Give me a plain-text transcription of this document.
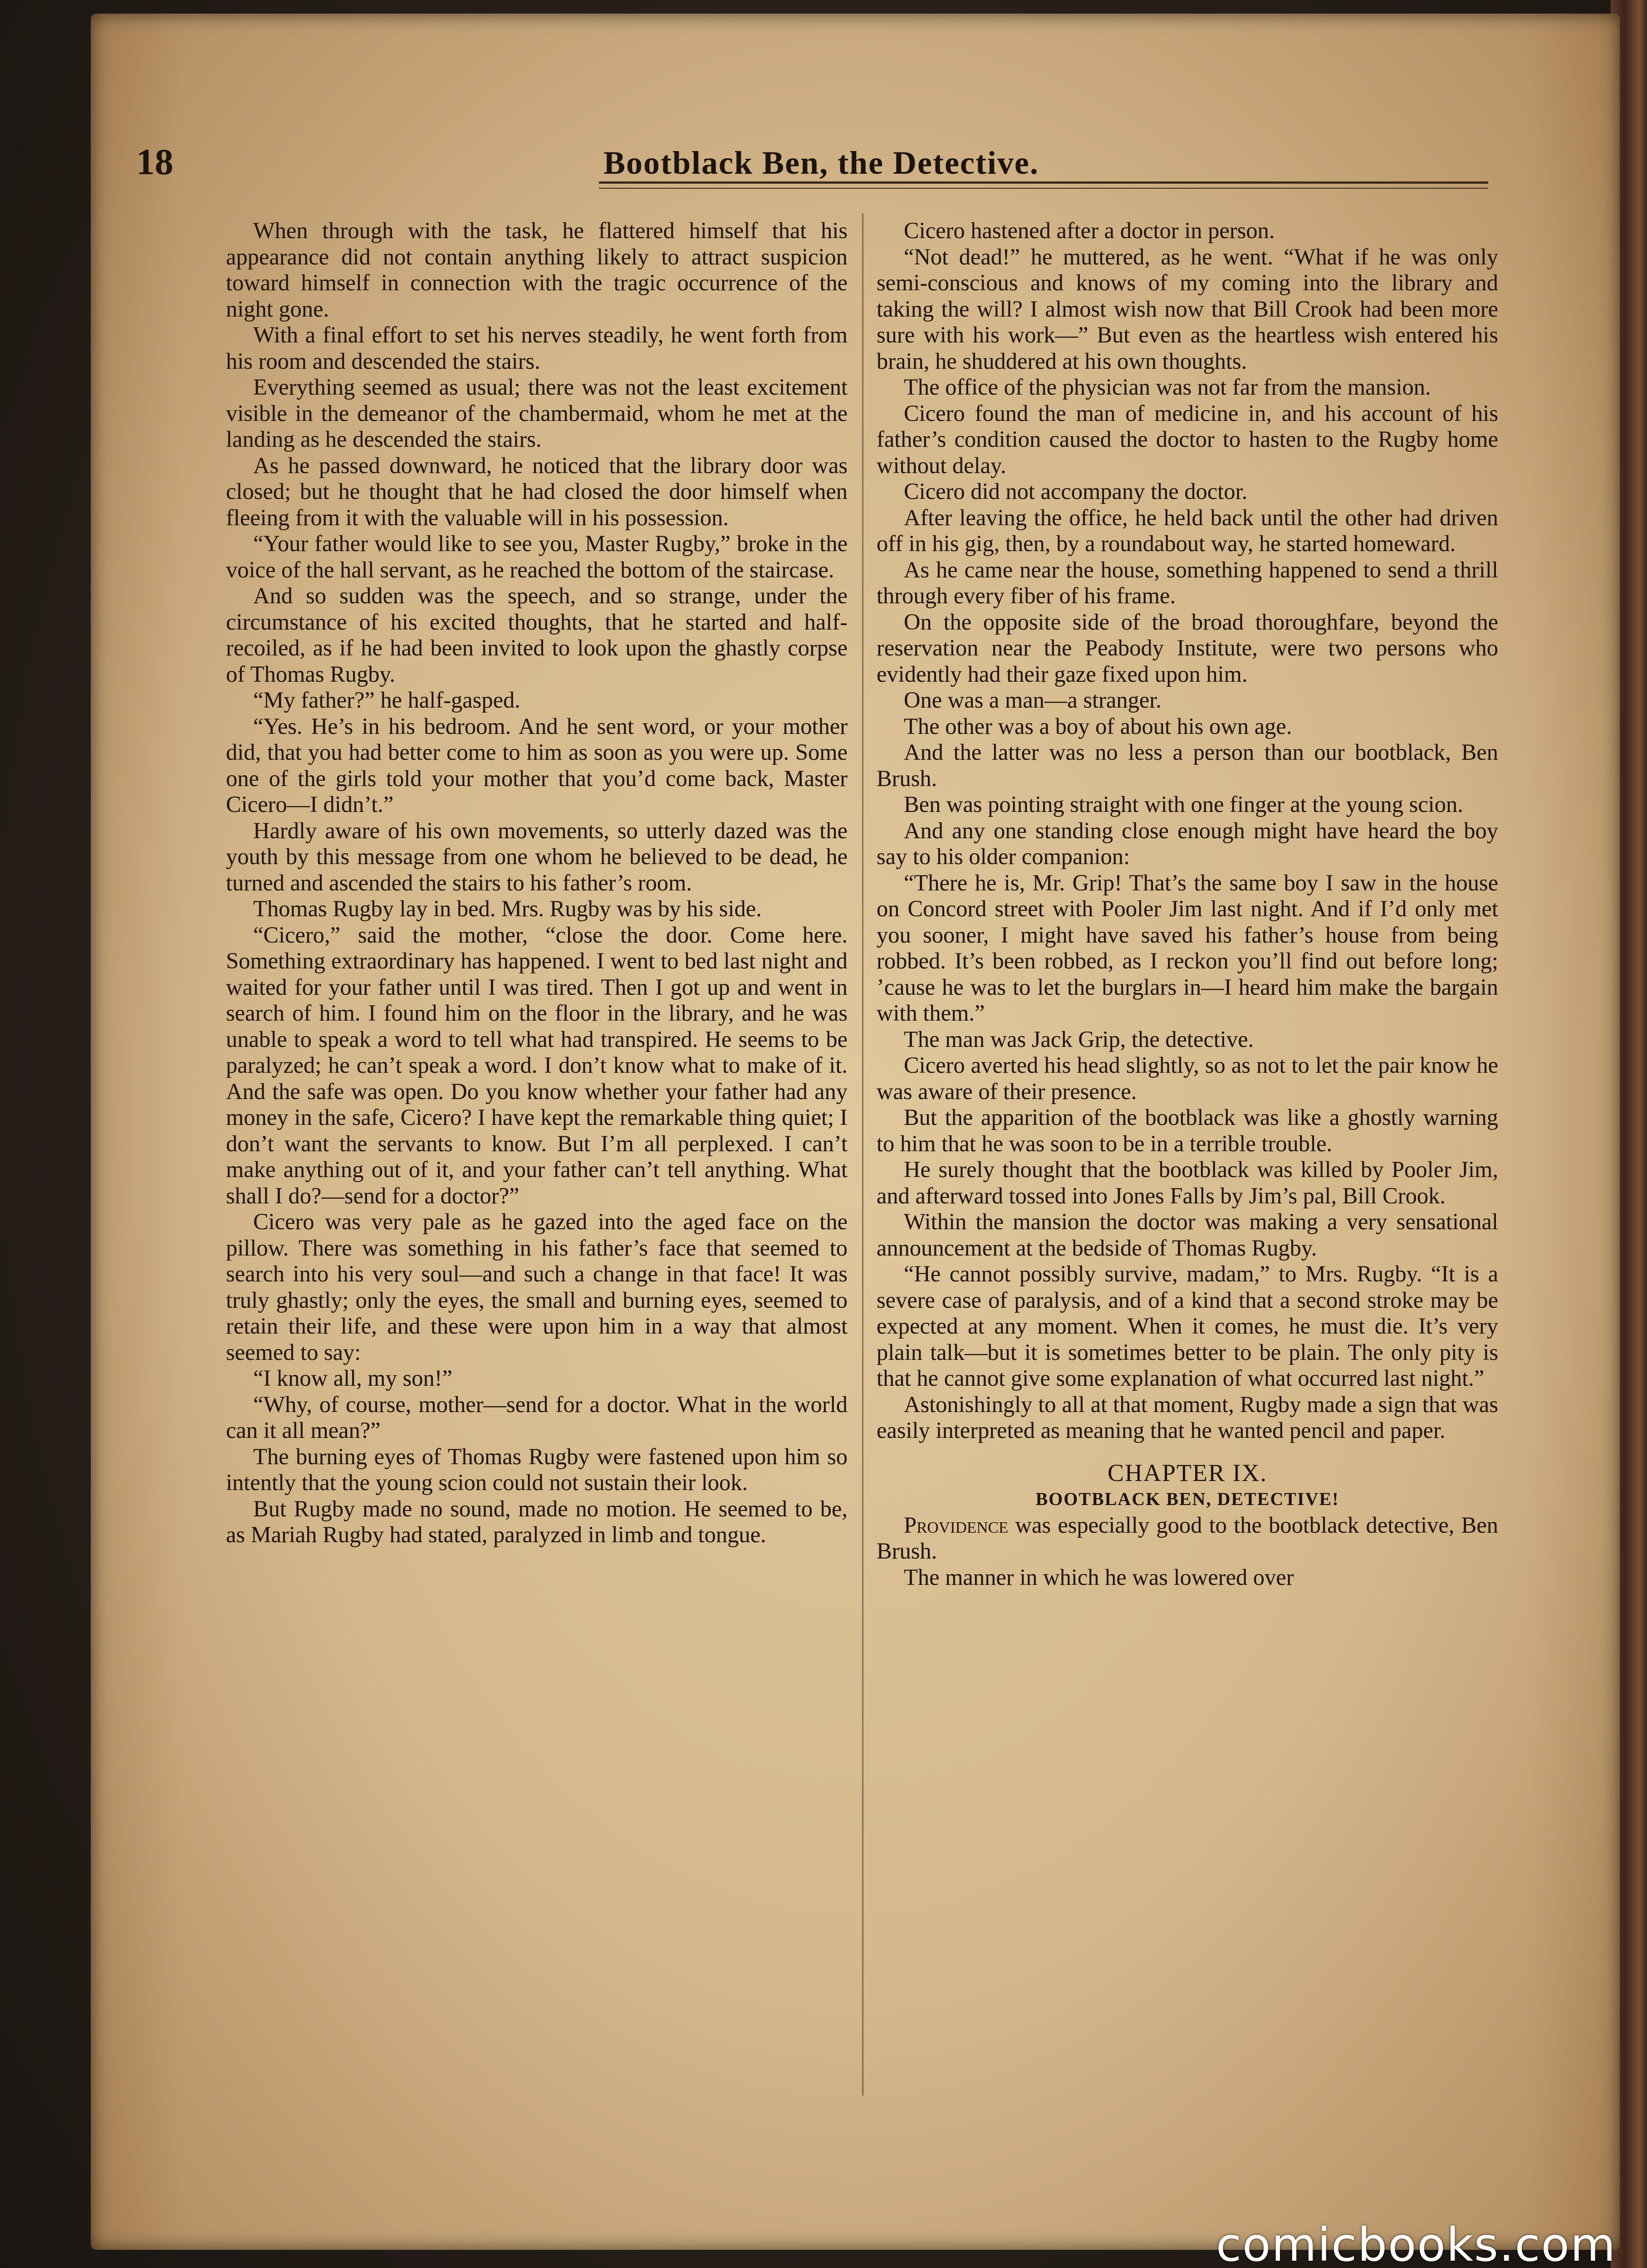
18	Bootblack Ben, the Detective.

When through with the task, he flattered himself that his appearance did not contain anything likely to attract suspicion toward himself in connection with the tragic occurrence of the night gone.

With a final effort to set his nerves steadily, he went forth from his room and descended the stairs.

Everything seemed as usual; there was not the least excitement visible in the demeanor of the chambermaid, whom he met at the landing as he descended the stairs.

As he passed downward, he noticed that the library door was closed; but he thought that he had closed the door himself when fleeing from it with the valuable will in his possession.

“Your father would like to see you, Master Rugby,” broke in the voice of the hall servant, as he reached the bottom of the staircase.

And so sudden was the speech, and so strange, under the circumstance of his excited thoughts, that he started and half-recoiled, as if he had been invited to look upon the ghastly corpse of Thomas Rugby.

“My father?” he half-gasped.

“Yes. He’s in his bedroom. And he sent word, or your mother did, that you had better come to him as soon as you were up. Some one of the girls told your mother that you’d come back, Master Cicero—I didn’t.”

Hardly aware of his own movements, so utterly dazed was the youth by this message from one whom he believed to be dead, he turned and ascended the stairs to his father’s room.

Thomas Rugby lay in bed. Mrs. Rugby was by his side.

“Cicero,” said the mother, “close the door. Come here. Something extraordinary has happened. I went to bed last night and waited for your father until I was tired. Then I got up and went in search of him. I found him on the floor in the library, and he was unable to speak a word to tell what had transpired. He seems to be paralyzed; he can’t speak a word. I don’t know what to make of it. And the safe was open. Do you know whether your father had any money in the safe, Cicero? I have kept the remarkable thing quiet; I don’t want the servants to know. But I’m all perplexed. I can’t make anything out of it, and your father can’t tell anything. What shall I do?—send for a doctor?”

Cicero was very pale as he gazed into the aged face on the pillow. There was something in his father’s face that seemed to search into his very soul—and such a change in that face! It was truly ghastly; only the eyes, the small and burning eyes, seemed to retain their life, and these were upon him in a way that almost seemed to say:

“I know all, my son!”

“Why, of course, mother—send for a doctor. What in the world can it all mean?”

The burning eyes of Thomas Rugby were fastened upon him so intently that the young scion could not sustain their look.

But Rugby made no sound, made no motion. He seemed to be, as Mariah Rugby had stated, paralyzed in limb and tongue.

Cicero hastened after a doctor in person.

“Not dead!” he muttered, as he went. “What if he was only semi-conscious and knows of my coming into the library and taking the will? I almost wish now that Bill Crook had been more sure with his work—” But even as the heartless wish entered his brain, he shuddered at his own thoughts.

The office of the physician was not far from the mansion.

Cicero found the man of medicine in, and his account of his father’s condition caused the doctor to hasten to the Rugby home without delay.

Cicero did not accompany the doctor.

After leaving the office, he held back until the other had driven off in his gig, then, by a roundabout way, he started homeward.

As he came near the house, something happened to send a thrill through every fiber of his frame.

On the opposite side of the broad thoroughfare, beyond the reservation near the Peabody Institute, were two persons who evidently had their gaze fixed upon him.

One was a man—a stranger.

The other was a boy of about his own age.

And the latter was no less a person than our bootblack, Ben Brush.

Ben was pointing straight with one finger at the young scion.

And any one standing close enough might have heard the boy say to his older companion:

“There he is, Mr. Grip! That’s the same boy I saw in the house on Concord street with Pooler Jim last night. And if I’d only met you sooner, I might have saved his father’s house from being robbed. It’s been robbed, as I reckon you’ll find out before long; ’cause he was to let the burglars in—I heard him make the bargain with them.”

The man was Jack Grip, the detective.

Cicero averted his head slightly, so as not to let the pair know he was aware of their presence.

But the apparition of the bootblack was like a ghostly warning to him that he was soon to be in a terrible trouble.

He surely thought that the bootblack was killed by Pooler Jim, and afterward tossed into Jones Falls by Jim’s pal, Bill Crook.

Within the mansion the doctor was making a very sensational announcement at the bedside of Thomas Rugby.

“He cannot possibly survive, madam,” to Mrs. Rugby. “It is a severe case of paralysis, and of a kind that a second stroke may be expected at any moment. When it comes, he must die. It’s very plain talk—but it is sometimes better to be plain. The only pity is that he cannot give some explanation of what occurred last night.”

Astonishingly to all at that moment, Rugby made a sign that was easily interpreted as meaning that he wanted pencil and paper.

CHAPTER IX.

BOOTBLACK BEN, DETECTIVE!

Providence was especially good to the bootblack detective, Ben Brush.

The manner in which he was lowered over

comicbooks.com
